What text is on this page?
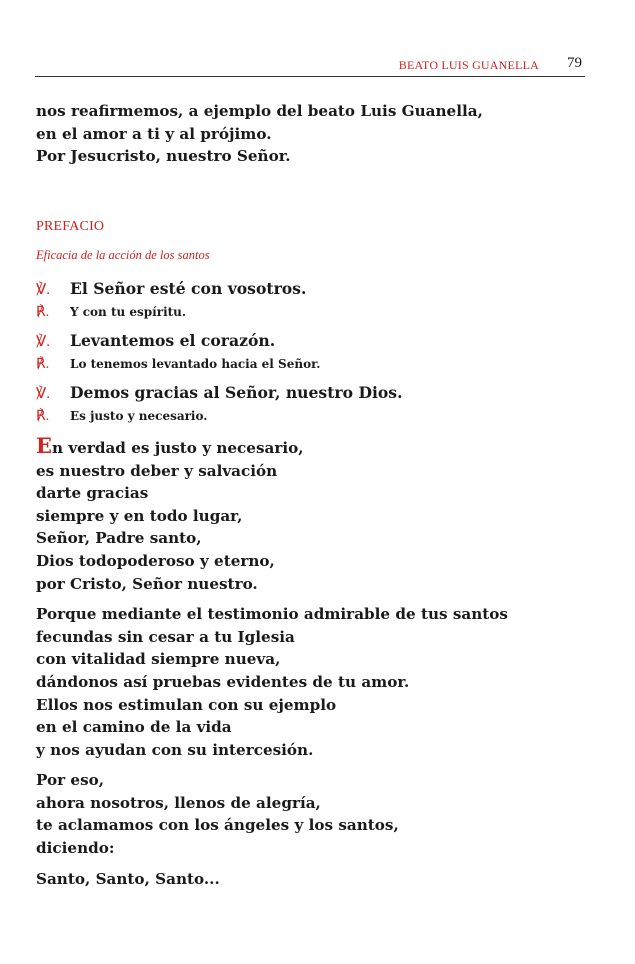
BEATO LUIS GUANELLA 79
nos reafirmemos, a ejemplo del beato Luis Guanella,
en el amor a ti y al prójimo.
Por Jesucristo, nuestro Señor.
PREFACIO
Eficacia de la acción de los santos
℣.	El Señor esté con vosotros.
℟.	Y con tu espíritu.
℣.	Levantemos el corazón.
℟.	Lo tenemos levantado hacia el Señor.
℣.	Demos gracias al Señor, nuestro Dios.
℟.	Es justo y necesario.
En verdad es justo y necesario,
es nuestro deber y salvación
darte gracias
siempre y en todo lugar,
Señor, Padre santo,
Dios todopoderoso y eterno,
por Cristo, Señor nuestro.
Porque mediante el testimonio admirable de tus santos
fecundas sin cesar a tu Iglesia
con vitalidad siempre nueva,
dándonos así pruebas evidentes de tu amor.
Ellos nos estimulan con su ejemplo
en el camino de la vida
y nos ayudan con su intercesión.
Por eso,
ahora nosotros, llenos de alegría,
te aclamamos con los ángeles y los santos,
diciendo:
Santo, Santo, Santo...
